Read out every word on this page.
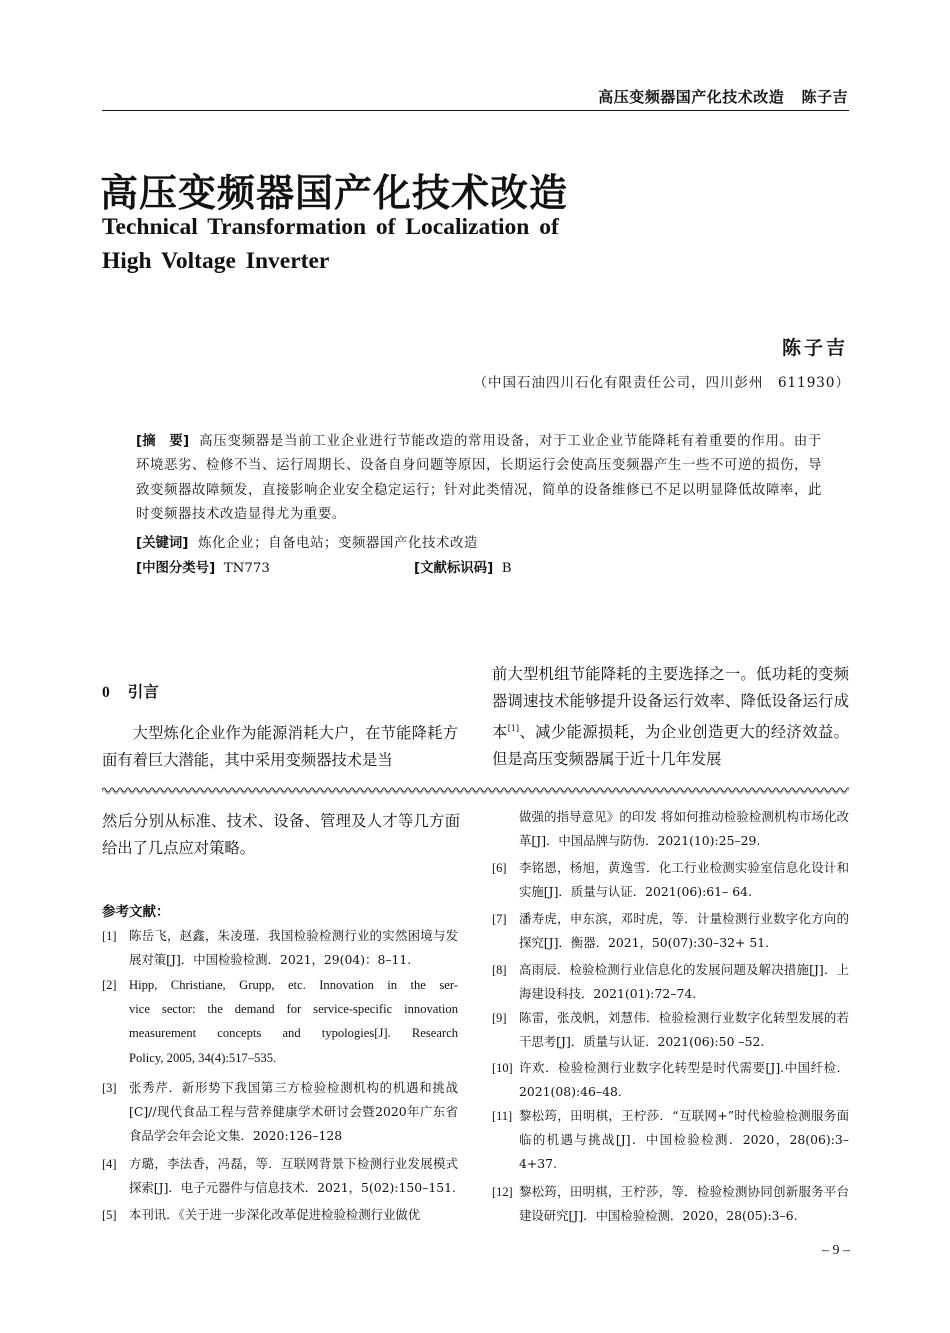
高压变频器国产化技术改造 陈子吉
高压变频器国产化技术改造
Technical Transformation of Localization of
High Voltage Inverter
陈子吉
（中国石油四川石化有限责任公司，四川彭州　611930）
[摘　要] 高压变频器是当前工业企业进行节能改造的常用设备，对于工业企业节能降耗有着重要的作用。由于环境恶劣、检修不当、运行周期长、设备自身问题等原因，长期运行会使高压变频器产生一些不可逆的损伤，导致变频器故障频发，直接影响企业安全稳定运行；针对此类情况，简单的设备维修已不足以明显降低故障率，此时变频器技术改造显得尤为重要。
[关键词] 炼化企业；自备电站；变频器国产化技术改造
[中图分类号] TN773	[文献标识码] B
0 引言
大型炼化企业作为能源消耗大户，在节能降耗方面有着巨大潜能，其中采用变频器技术是当
前大型机组节能降耗的主要选择之一。低功耗的变频器调速技术能够提升设备运行效率、降低设备运行成本[1]、减少能源损耗，为企业创造更大的经济效益。但是高压变频器属于近十几年发展
然后分别从标准、技术、设备、管理及人才等几方面给出了几点应对策略。
参考文献：
[1] 陈岳飞，赵鑫，朱凌瑾．我国检验检测行业的实然困境与发展对策[J]．中国检验检测．2021，29(04)：8–11.
[2] Hipp, Christiane, Grupp, etc. Innovation in the ser-
vice sector: the demand for service-specific innovation
measurement concepts and typologies[J]. Research
Policy, 2005, 34(4):517–535.
[3] 张秀芹．新形势下我国第三方检验检测机构的机遇和挑战[C]//现代食品工程与营养健康学术研讨会暨2020年广东省食品学会年会论文集．2020:126–128
[4] 方璐，李法香，冯磊，等．互联网背景下检测行业发展模式探索[J]．电子元器件与信息技术．2021，5(02):150–151.
[5] 本刊讯．《关于进一步深化改革促进检验检测行业做优
做强的指导意见》的印发 将如何推动检验检测机构市场化改革[J]．中国品牌与防伪．2021(10):25–29.
[6] 李铭恩，杨旭，黄逸雪．化工行业检测实验室信息化设计和实施[J]．质量与认证．2021(06):61– 64.
[7] 潘寿虎，申东滨，邓时虎，等．计量检测行业数字化方向的探究[J]．衡器．2021，50(07):30–32+ 51.
[8] 高雨辰．检验检测行业信息化的发展问题及解决措施[J]．上海建设科技．2021(01):72–74.
[9] 陈雷，张茂帆，刘慧伟．检验检测行业数字化转型发展的若干思考[J]．质量与认证．2021(06):50 –52.
[10] 许欢．检验检测行业数字化转型是时代需要[J].中国纤检．2021(08):46–48.
[11] 黎松筠，田明棋，王柠莎．“互联网+”时代检验检测服务面临的机遇与挑战[J]．中国检验检测．2020，28(06):3–4+37.
[12] 黎松筠，田明棋，王柠莎，等．检验检测协同创新服务平台建设研究[J]．中国检验检测．2020，28(05):3–6.
– 9 –
